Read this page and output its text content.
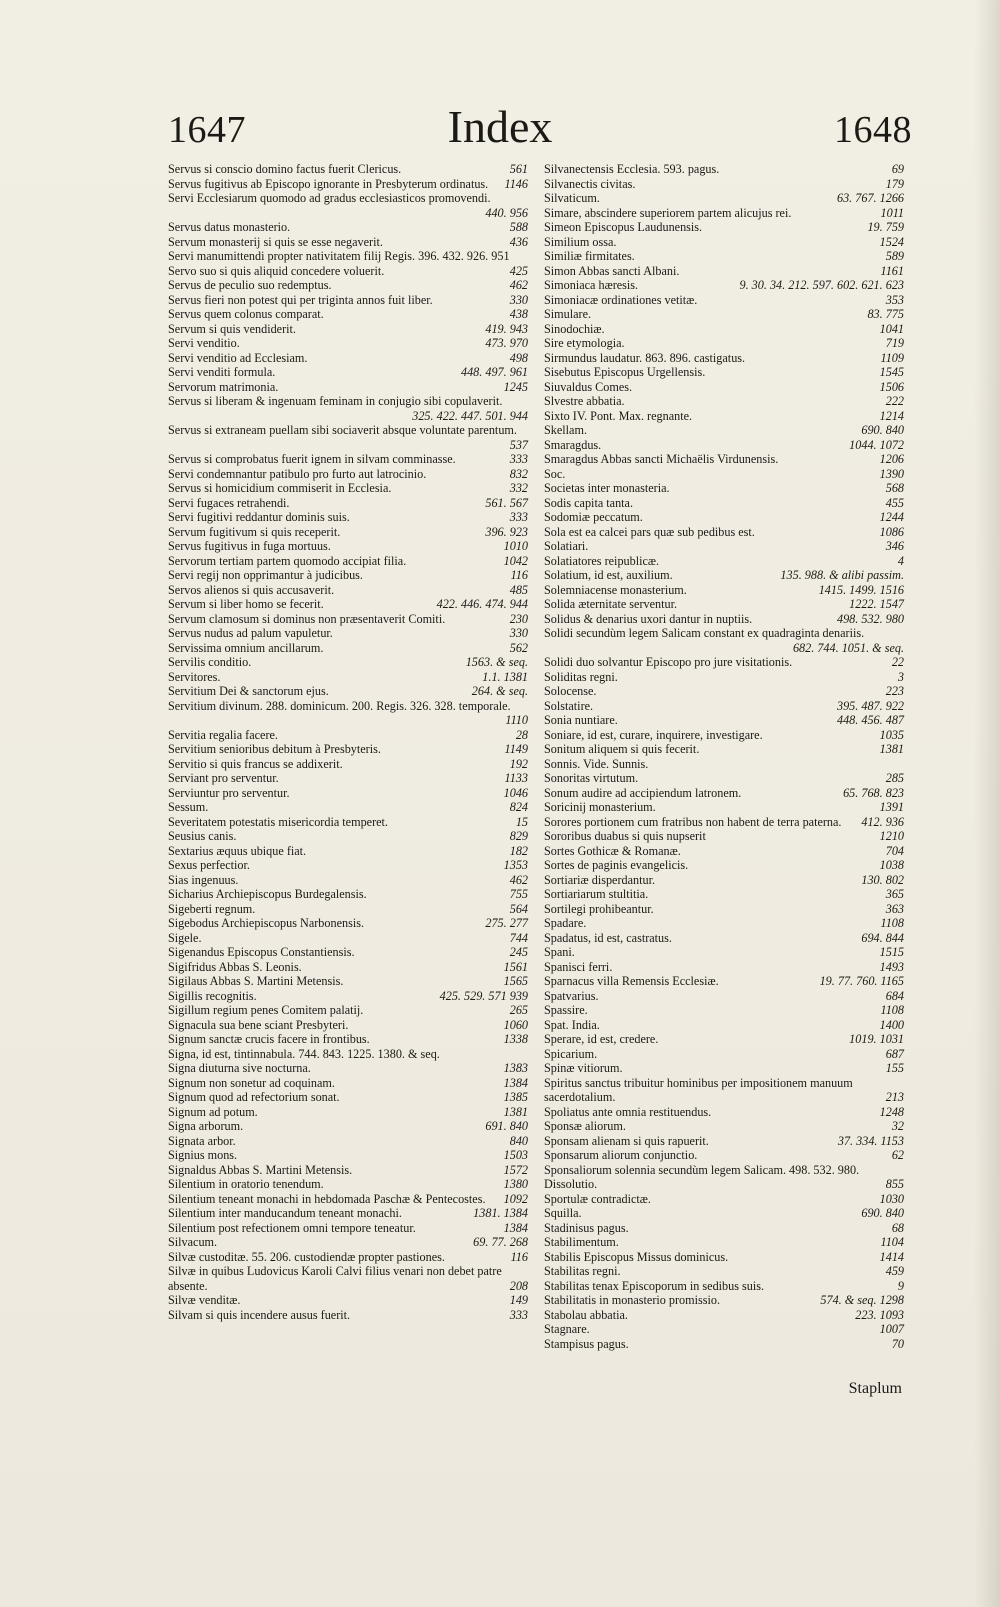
1647	Index	1648
Servus si conscio domino factus fuerit Clericus.	561
Servus fugitivus ab Episcopo ignorante in Presbyterum ordinatus.	1146
Servi Ecclesiarum quomodo ad gradus ecclesiasticos promovendi.
440. 956
Servus datus monasterio.	588
Servum monasterij si quis se esse negaverit.	436
Servi manumittendi propter nativitatem filij Regis. 396. 432. 926. 951
Servo suo si quis aliquid concedere voluerit.	425
Servus de peculio suo redemptus.	462
Servus fieri non potest qui per triginta annos fuit liber.	330
Servus quem colonus comparat.	438
Servum si quis vendiderit.	419. 943
Servi venditio.	473. 970
Servi venditio ad Ecclesiam.	498
Servi venditi formula.	448. 497. 961
Servorum matrimonia.	1245
Servus si liberam & ingenuam feminam in conjugio sibi copulaverit.
325. 422. 447. 501. 944
Servus si extraneam puellam sibi sociaverit absque voluntate parentum.
537
Servus si comprobatus fuerit ignem in silvam comminasse.	333
Servi condemnantur patibulo pro furto aut latrocinio.	832
Servus si homicidium commiserit in Ecclesia.	332
Servi fugaces retrahendi.	561. 567
Servi fugitivi reddantur dominis suis.	333
Servum fugitivum si quis receperit.	396. 923
Servus fugitivus in fuga mortuus.	1010
Servorum tertiam partem quomodo accipiat filia.	1042
Servi regij non opprimantur à judicibus.	116
Servos alienos si quis accusaverit.	485
Servum si liber homo se fecerit.	422. 446. 474. 944
Servum clamosum si dominus non præsentaverit Comiti.	230
Servus nudus ad palum vapuletur.	330
Servissima omnium ancillarum.	562
Servilis conditio.	1563. & seq.
Servitores.	1.1. 1381
Servitium Dei & sanctorum ejus.	264. & seq.
Servitium divinum. 288. dominicum. 200. Regis. 326. 328. temporale.
1110
Servitia regalia facere.	28
Servitium senioribus debitum à Presbyteris.	1149
Servitio si quis francus se addixerit.	192
Serviant pro serventur.	1133
Serviuntur pro serventur.	1046
Sessum.	824
Severitatem potestatis misericordia temperet.	15
Seusius canis.	829
Sextarius æquus ubique fiat.	182
Sexus perfectior.	1353
Sias ingenuus.	462
Sicharius Archiepiscopus Burdegalensis.	755
Sigeberti regnum.	564
Sigebodus Archiepiscopus Narbonensis.	275. 277
Sigele.	744
Sigenandus Episcopus Constantiensis.	245
Sigifridus Abbas S. Leonis.	1561
Sigilaus Abbas S. Martini Metensis.	1565
Sigillis recognitis.	425. 529. 571 939
Sigillum regium penes Comitem palatij.	265
Signacula sua bene sciant Presbyteri.	1060
Signum sanctæ crucis facere in frontibus.	1338
Signa, id est, tintinnabula. 744. 843. 1225. 1380. & seq.
Signa diuturna sive nocturna.	1383
Signum non sonetur ad coquinam.	1384
Signum quod ad refectorium sonat.	1385
Signum ad potum.	1381
Signa arborum.	691. 840
Signata arbor.	840
Signius mons.	1503
Signaldus Abbas S. Martini Metensis.	1572
Silentium in oratorio tenendum.	1380
Silentium teneant monachi in hebdomada Paschæ & Pentecostes.	1092
Silentium inter manducandum teneant monachi.	1381. 1384
Silentium post refectionem omni tempore teneatur.	1384
Silvacum.	69. 77. 268
Silvæ custoditæ. 55. 206. custodiendæ propter pastiones.	116
Silvæ in quibus Ludovicus Karoli Calvi filius venari non debet patre absente.	208
Silvæ venditæ.	149
Silvam si quis incendere ausus fuerit.	333
Silvanectensis Ecclesia. 593. pagus.	69
Silvanectis civitas.	179
Silvaticum.	63. 767. 1266
Simare, abscindere superiorem partem alicujus rei.	1011
Simeon Episcopus Laudunensis.	19. 759
Similium ossa.	1524
Similiæ firmitates.	589
Simon Abbas sancti Albani.	1161
Simoniaca hæresis.	9. 30. 34. 212. 597. 602. 621. 623
Simoniacæ ordinationes vetitæ.	353
Simulare.	83. 775
Sinodochiæ.	1041
Sire etymologia.	719
Sirmundus laudatur. 863. 896. castigatus.	1109
Sisebutus Episcopus Urgellensis.	1545
Siuvaldus Comes.	1506
Slvestre abbatia.	222
Sixto IV. Pont. Max. regnante.	1214
Skellam.	690. 840
Smaragdus.	1044. 1072
Smaragdus Abbas sancti Michaëlis Virdunensis.	1206
Soc.	1390
Societas inter monasteria.	568
Sodis capita tanta.	455
Sodomiæ peccatum.	1244
Sola est ea calcei pars quæ sub pedibus est.	1086
Solatiari.	346
Solatiatores reipublicæ.	4
Solatium, id est, auxilium.	135. 988. & alibi passim.
Solemniacense monasterium.	1415. 1499. 1516
Solida æternitate serventur.	1222. 1547
Solidus & denarius uxori dantur in nuptiis.	498. 532. 980
Solidi secundùm legem Salicam constant ex quadraginta denariis.
682. 744. 1051. & seq.
Solidi duo solvantur Episcopo pro jure visitationis.	22
Soliditas regni.	3
Solocense.	223
Solstatire.	395. 487. 922
Sonia nuntiare.	448. 456. 487
Soniare, id est, curare, inquirere, investigare.	1035
Sonitum aliquem si quis fecerit.	1381
Sonnis. Vide. Sunnis.
Sonoritas virtutum.	285
Sonum audire ad accipiendum latronem.	65. 768. 823
Soricinij monasterium.	1391
Sorores portionem cum fratribus non habent de terra paterna.	412. 936
Sororibus duabus si quis nupserit	1210
Sortes Gothicæ & Romanæ.	704
Sortes de paginis evangelicis.	1038
Sortiariæ disperdantur.	130. 802
Sortiariarum stultitia.	365
Sortilegi prohibeantur.	363
Spadare.	1108
Spadatus, id est, castratus.	694. 844
Spani.	1515
Spanisci ferri.	1493
Sparnacus villa Remensis Ecclesiæ.	19. 77. 760. 1165
Spatvarius.	684
Spassire.	1108
Spat. India.	1400
Sperare, id est, credere.	1019. 1031
Spicarium.	687
Spinæ vitiorum.	155
Spiritus sanctus tribuitur hominibus per impositionem manuum sacerdotalium.	213
Spoliatus ante omnia restituendus.	1248
Sponsæ aliorum.	32
Sponsam alienam si quis rapuerit.	37. 334. 1153
Sponsarum aliorum conjunctio.	62
Sponsaliorum solennia secundùm legem Salicam. 498. 532. 980. Dissolutio.	855
Sportulæ contradictæ.	1030
Squilla.	690. 840
Stadinisus pagus.	68
Stabilimentum.	1104
Stabilis Episcopus Missus dominicus.	1414
Stabilitas regni.	459
Stabilitas tenax Episcoporum in sedibus suis.	9
Stabilitatis in monasterio promissio.	574. & seq. 1298
Stabolau abbatia.	223. 1093
Stagnare.	1007
Stampisus pagus.	70
Staplum
